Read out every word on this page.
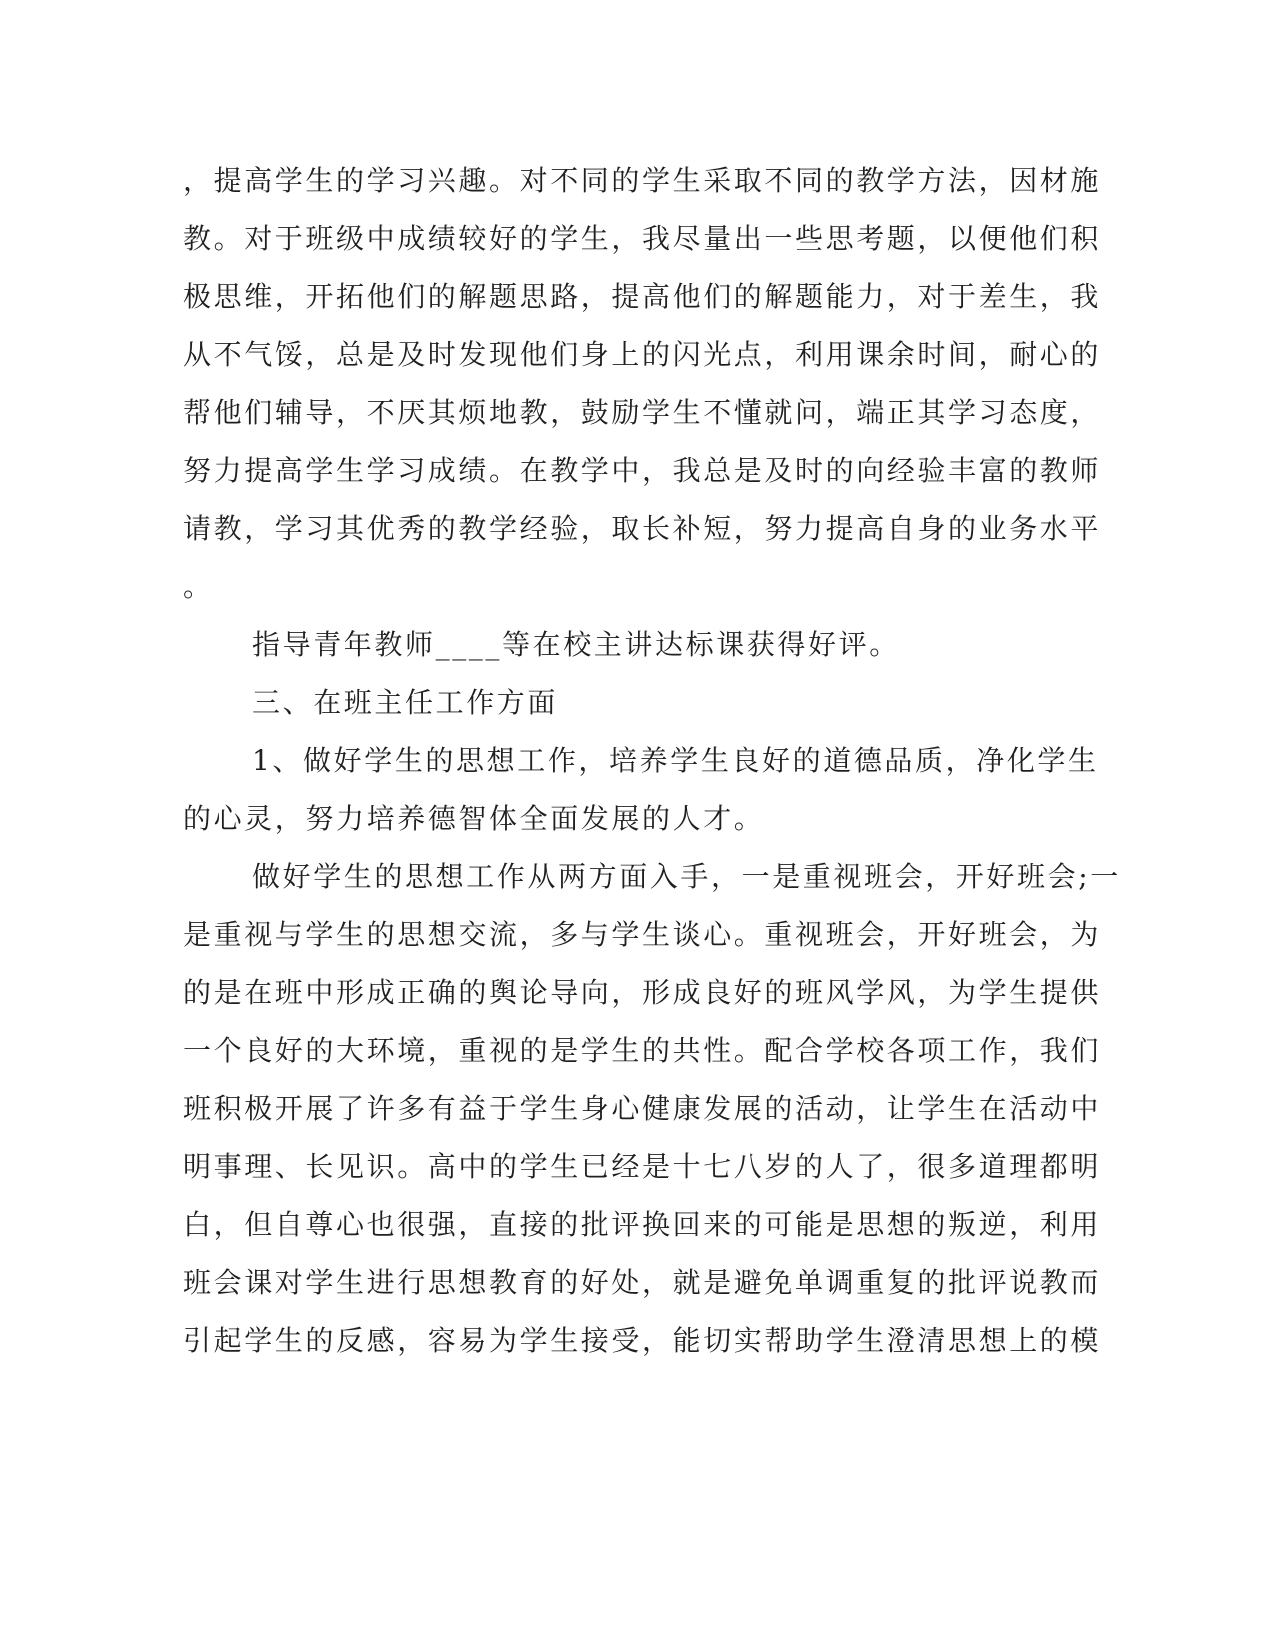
，提高学生的学习兴趣。对不同的学生采取不同的教学方法，因材施
教。对于班级中成绩较好的学生，我尽量出一些思考题，以便他们积
极思维，开拓他们的解题思路，提高他们的解题能力，对于差生，我
从不气馁，总是及时发现他们身上的闪光点，利用课余时间，耐心的
帮他们辅导，不厌其烦地教，鼓励学生不懂就问，端正其学习态度，
努力提高学生学习成绩。在教学中，我总是及时的向经验丰富的教师
请教，学习其优秀的教学经验，取长补短，努力提高自身的业务水平
。
指导青年教师____等在校主讲达标课获得好评。
三、在班主任工作方面
1、做好学生的思想工作，培养学生良好的道德品质，净化学生
的心灵，努力培养德智体全面发展的人才。
做好学生的思想工作从两方面入手，一是重视班会，开好班会;一
是重视与学生的思想交流，多与学生谈心。重视班会，开好班会，为
的是在班中形成正确的舆论导向，形成良好的班风学风，为学生提供
一个良好的大环境，重视的是学生的共性。配合学校各项工作，我们
班积极开展了许多有益于学生身心健康发展的活动，让学生在活动中
明事理、长见识。高中的学生已经是十七八岁的人了，很多道理都明
白，但自尊心也很强，直接的批评换回来的可能是思想的叛逆，利用
班会课对学生进行思想教育的好处，就是避免单调重复的批评说教而
引起学生的反感，容易为学生接受，能切实帮助学生澄清思想上的模
